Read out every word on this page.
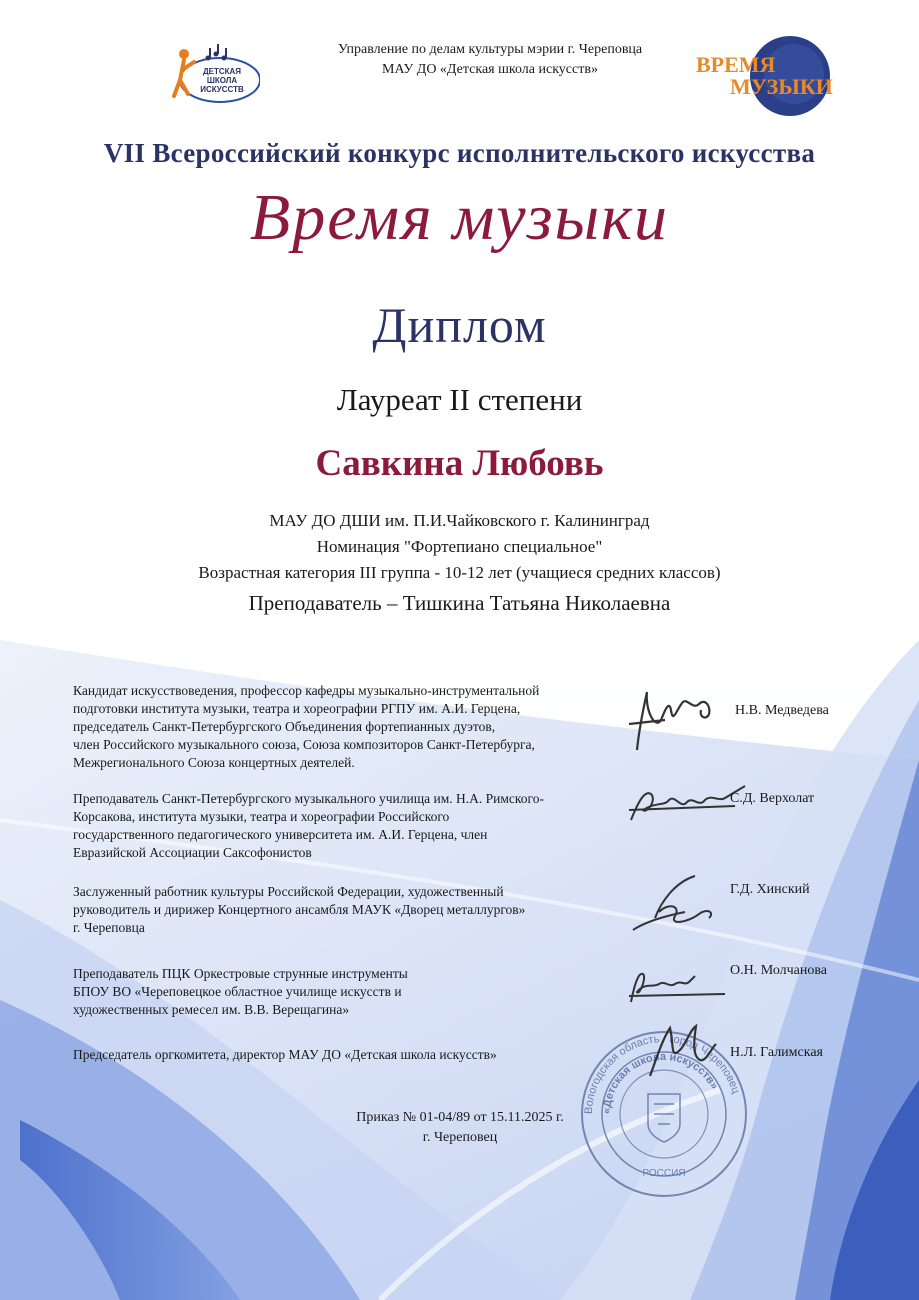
ДЕТСКАЯ
ШКОЛА
ИСКУССТВ
Управление по делам культуры мэрии г. Череповца
МАУ ДО «Детская школа искусств»	ВРЕМЯ
МУЗЫКИ
VII Всероссийский конкурс исполнительского искусства
Время музыки
Диплом
Лауреат II степени
Савкина Любовь
МАУ ДО ДШИ им. П.И.Чайковского г. Калининград
Номинация "Фортепиано специальное"
Возрастная категория III группа - 10-12 лет (учащиеся средних классов)
Преподаватель – Тишкина Татьяна Николаевна
Кандидат искусствоведения, профессор кафедры музыкально-инструментальной
подготовки института музыки, театра и хореографии РГПУ им. А.И. Герцена,
председатель Санкт-Петербургского Объединения фортепианных дуэтов,
член Российского музыкального союза, Союза композиторов Санкт-Петербурга,
Межрегионального Союза концертных деятелей.
Н.В. Медведева
Преподаватель Санкт-Петербургского музыкального училища им. Н.А. Римского-
Корсакова, института музыки, театра и хореографии Российского
государственного педагогического университета им. А.И. Герцена, член
Евразийской Ассоциации Саксофонистов
С.Д. Верхолат
Заслуженный работник культуры Российской Федерации, художественный
руководитель и дирижер Концертного ансамбля МАУК «Дворец металлургов»
г. Череповца
Г.Д. Хинский
Преподаватель ПЦК Оркестровые струнные инструменты
БПОУ ВО «Череповецкое областное училище искусств и
художественных ремесел им. В.В. Верещагина»
О.Н. Молчанова
Председатель оргкомитета, директор МАУ ДО «Детская школа искусств»	Н.Л. Галимская
Вологодская область · город Череповец
«Детская школа искусств»
РОССИЯ
Приказ № 01-04/89 от 15.11.2025 г.
г. Череповец
